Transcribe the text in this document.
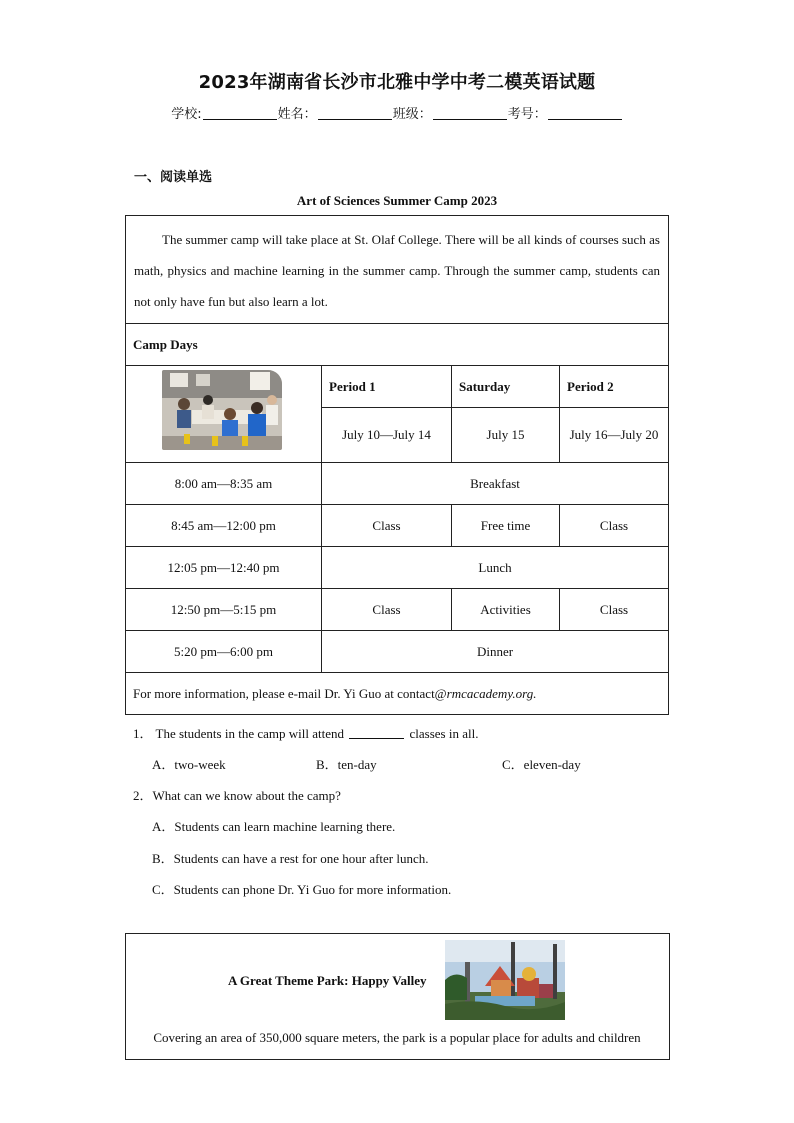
2023年湖南省长沙市北雅中学中考二模英语试题
学校:	姓名：	班级：	考号：
一、阅读单选
Art of Sciences Summer Camp 2023

The summer camp will take place at St. Olaf College. There will be all kinds of courses such as math, physics and machine learning in the summer camp. Through the summer camp, students can not only have fun but also learn a lot.			

Camp Days			

	Period 1	Saturday	Period 2
	July 10—July 14	July 15	July 16—July 20
8:00 am—8:35 am	Breakfast		
8:45 am—12:00 pm	Class	Free time	Class
12:05 pm—12:40 pm	Lunch		
12:50 pm—5:15 pm	Class	Activities	Class
5:20 pm—6:00 pm	Dinner		
For more information, please e-mail Dr. Yi Guo at contact@rmcacademy.org.			
1． The students in the camp will attend	classes in all.
A．two-week	B．ten-day	C．eleven-day
2．What can we know about the camp?
A．Students can learn machine learning there.
B．Students can have a rest for one hour after lunch.
C．Students can phone Dr. Yi Guo for more information.
A Great Theme Park: Happy Valley
Covering an area of 350,000 square meters, the park is a popular place for adults and children
